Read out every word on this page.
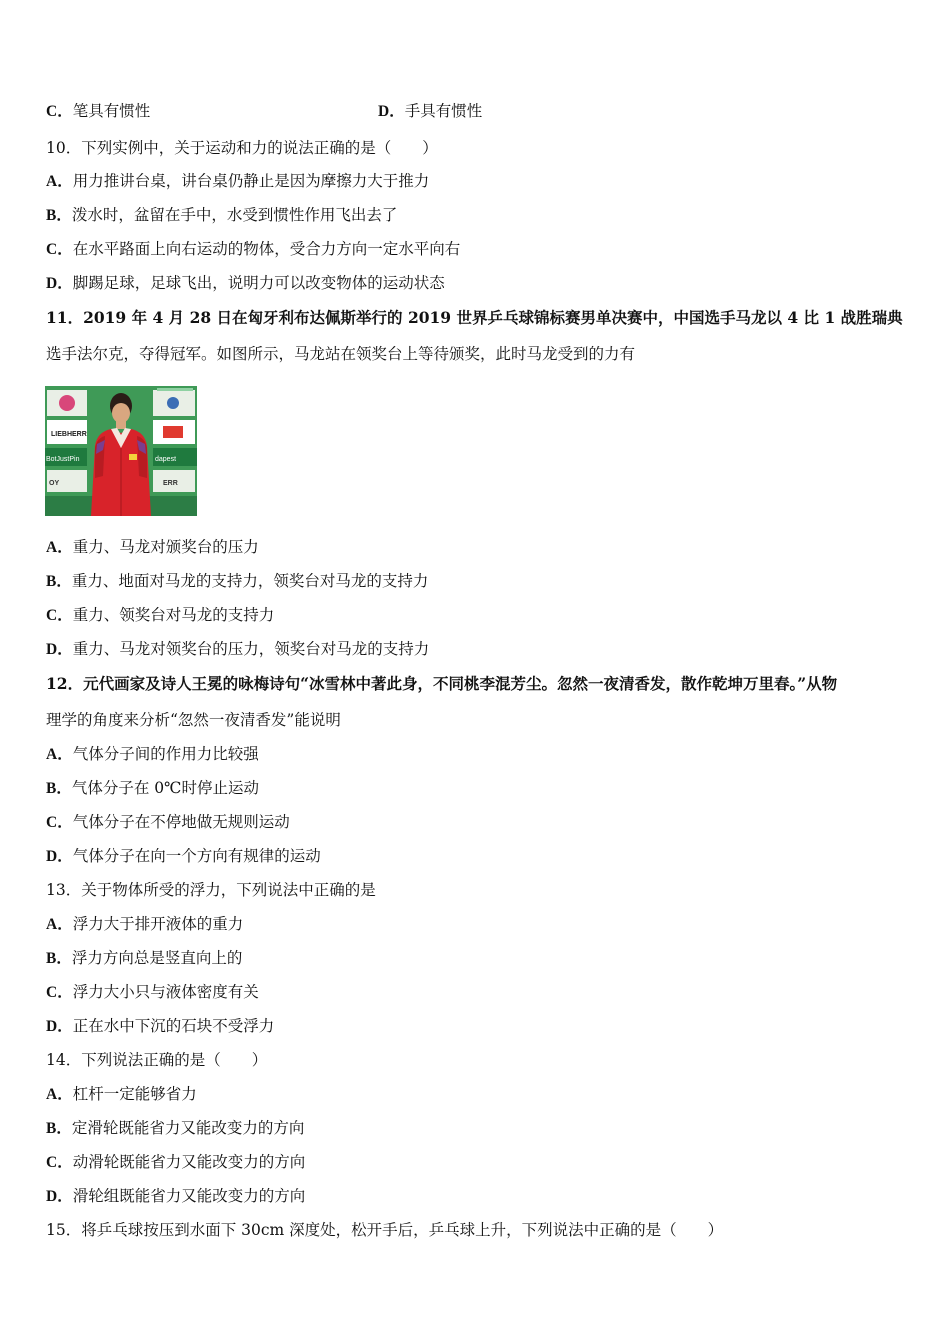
C．笔具有惯性	D．手具有惯性
10．下列实例中，关于运动和力的说法正确的是（　　）
A．用力推讲台桌，讲台桌仍静止是因为摩擦力大于推力
B．泼水时，盆留在手中，水受到惯性作用飞出去了
C．在水平路面上向右运动的物体，受合力方向一定水平向右
D．脚踢足球，足球飞出，说明力可以改变物体的运动状态
11．2019 年 4 月 28 日在匈牙利布达佩斯举行的 2019 世界乒乓球锦标赛男单决赛中，中国选手马龙以 4 比 1 战胜瑞典
选手法尔克，夺得冠军。如图所示，马龙站在领奖台上等待颁奖，此时马龙受到的力有
LIEBHERR
BotJustPin	dapest
OY	ERR
A．重力、马龙对颁奖台的压力
B．重力、地面对马龙的支持力，领奖台对马龙的支持力
C．重力、领奖台对马龙的支持力
D．重力、马龙对领奖台的压力，领奖台对马龙的支持力
12．元代画家及诗人王冕的咏梅诗句“冰雪林中著此身，不同桃李混芳尘。忽然一夜清香发，散作乾坤万里春。”从物
理学的角度来分析“忽然一夜清香发”能说明
A．气体分子间的作用力比较强
B．气体分子在 0℃时停止运动
C．气体分子在不停地做无规则运动
D．气体分子在向一个方向有规律的运动
13．关于物体所受的浮力，下列说法中正确的是
A．浮力大于排开液体的重力
B．浮力方向总是竖直向上的
C．浮力大小只与液体密度有关
D．正在水中下沉的石块不受浮力
14．下列说法正确的是（　　）
A．杠杆一定能够省力
B．定滑轮既能省力又能改变力的方向
C．动滑轮既能省力又能改变力的方向
D．滑轮组既能省力又能改变力的方向
15．将乒乓球按压到水面下 30cm 深度处，松开手后，乒乓球上升，下列说法中正确的是（　　）
